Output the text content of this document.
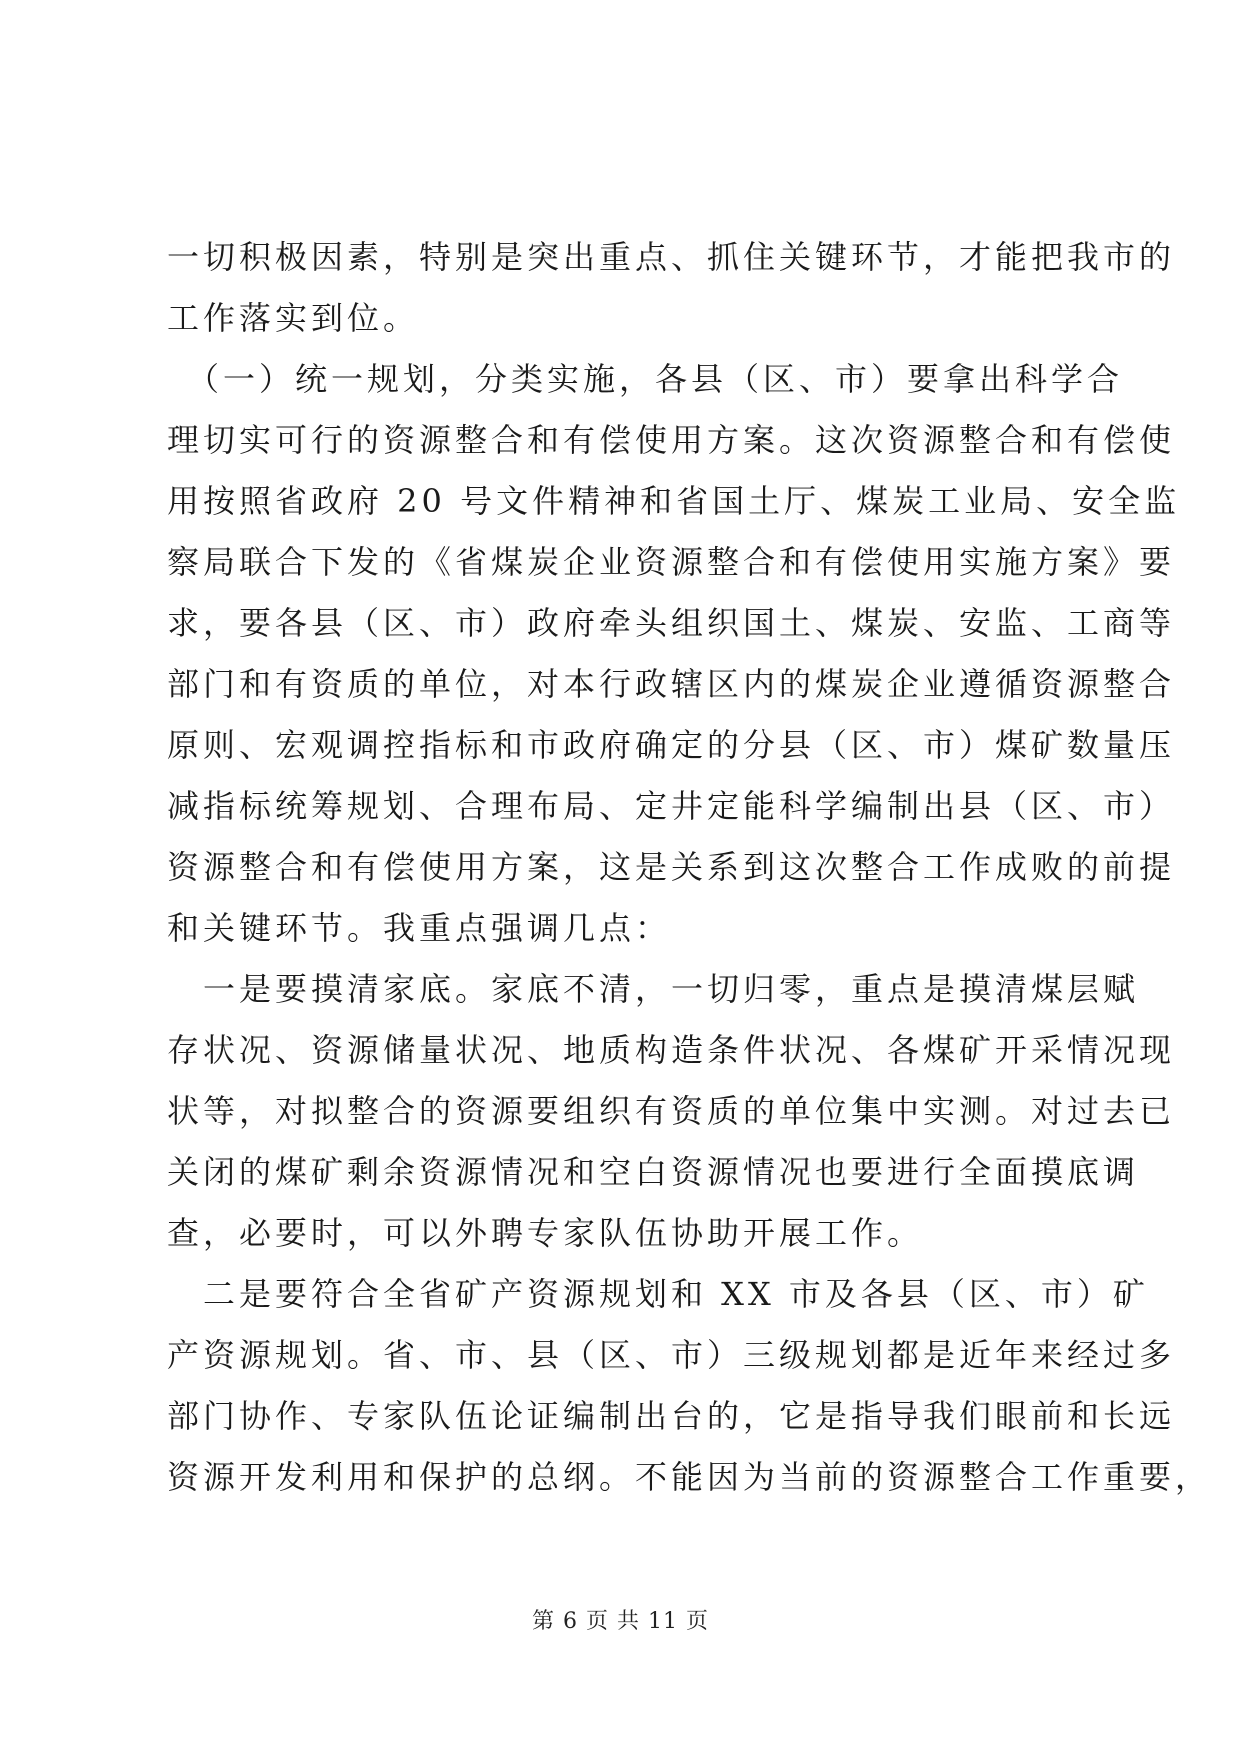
一切积极因素，特别是突出重点、抓住关键环节，才能把我市的
工作落实到位。

　（一）统一规划，分类实施，各县（区、市）要拿出科学合
理切实可行的资源整合和有偿使用方案。这次资源整合和有偿使
用按照省政府 20 号文件精神和省国土厅、煤炭工业局、安全监
察局联合下发的《省煤炭企业资源整合和有偿使用实施方案》要
求，要各县（区、市）政府牵头组织国土、煤炭、安监、工商等
部门和有资质的单位，对本行政辖区内的煤炭企业遵循资源整合
原则、宏观调控指标和市政府确定的分县（区、市）煤矿数量压
减指标统筹规划、合理布局、定井定能科学编制出县（区、市）
资源整合和有偿使用方案，这是关系到这次整合工作成败的前提
和关键环节。我重点强调几点：

　一是要摸清家底。家底不清，一切归零，重点是摸清煤层赋
存状况、资源储量状况、地质构造条件状况、各煤矿开采情况现
状等，对拟整合的资源要组织有资质的单位集中实测。对过去已
关闭的煤矿剩余资源情况和空白资源情况也要进行全面摸底调
查，必要时，可以外聘专家队伍协助开展工作。

　二是要符合全省矿产资源规划和 XX 市及各县（区、市）矿
产资源规划。省、市、县（区、市）三级规划都是近年来经过多
部门协作、专家队伍论证编制出台的，它是指导我们眼前和长远
资源开发利用和保护的总纲。不能因为当前的资源整合工作重要，

第 6 页 共 11 页
